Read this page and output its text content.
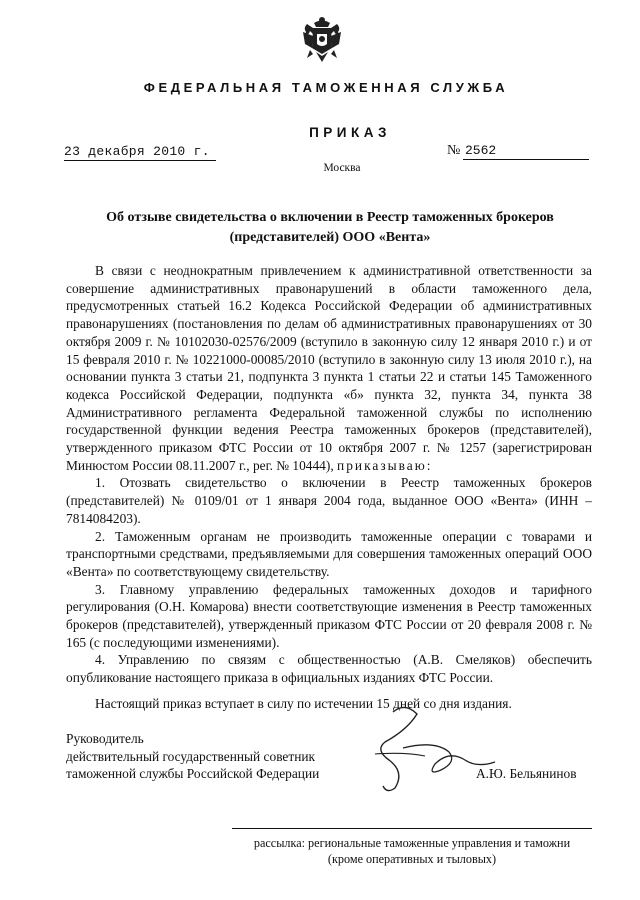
ФЕДЕРАЛЬНАЯ ТАМОЖЕННАЯ СЛУЖБА
ПРИКАЗ
23 декабря 2010 г.	№ 2562
Москва
Об отзыве свидетельства о включении в Реестр таможенных брокеров (представителей) ООО «Вента»

В связи с неоднократным привлечением к административной ответственности за совершение административных правонарушений в области таможенного дела, предусмотренных статьей 16.2 Кодекса Российской Федерации об административных правонарушениях (постановления по делам об административных правонарушениях от 30 октября 2009 г. № 10102030-02576/2009 (вступило в законную силу 12 января 2010 г.) и от 15 февраля 2010 г. № 10221000-00085/2010 (вступило в законную силу 13 июля 2010 г.), на основании пункта 3 статьи 21, подпункта 3 пункта 1 статьи 22 и статьи 145 Таможенного кодекса Российской Федерации, подпункта «б» пункта 32, пункта 34, пункта 38 Административного регламента Федеральной таможенной службы по исполнению государственной функции ведения Реестра таможенных брокеров (представителей), утвержденного приказом ФТС России от 10 октября 2007 г. № 1257 (зарегистрирован Минюстом России 08.11.2007 г., рег. № 10444), приказываю:

1. Отозвать свидетельство о включении в Реестр таможенных брокеров (представителей) № 0109/01 от 1 января 2004 года, выданное ООО «Вента» (ИНН – 7814084203).

2. Таможенным органам не производить таможенные операции с товарами и транспортными средствами, предъявляемыми для совершения таможенных операций ООО «Вента» по соответствующему свидетельству.

3. Главному управлению федеральных таможенных доходов и тарифного регулирования (О.Н. Комарова) внести соответствующие изменения в Реестр таможенных брокеров (представителей), утвержденный приказом ФТС России от 20 февраля 2008 г. № 165 (с последующими изменениями).

4. Управлению по связям с общественностью (А.В. Смеляков) обеспечить опубликование настоящего приказа в официальных изданиях ФТС России.

Настоящий приказ вступает в силу по истечении 15 дней со дня издания.
Руководитель
действительный государственный советник
таможенной службы Российской Федерации	А.Ю. Бельянинов
рассылка: региональные таможенные управления и таможни
(кроме оперативных и тыловых)
